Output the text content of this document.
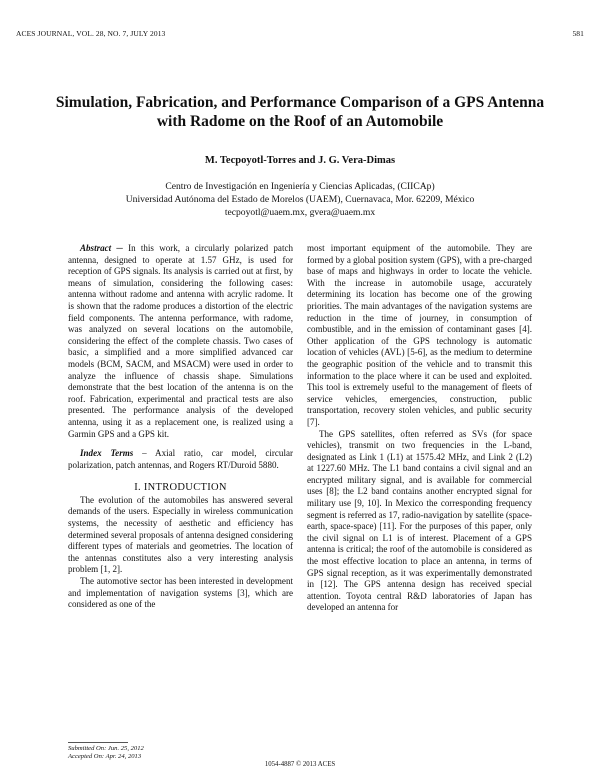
ACES JOURNAL, VOL. 28, NO. 7, JULY 2013	581
Simulation, Fabrication, and Performance Comparison of a GPS Antenna with Radome on the Roof of an Automobile
M. Tecpoyotl-Torres and J. G. Vera-Dimas
Centro de Investigación en Ingeniería y Ciencias Aplicadas, (CIICAp)
Universidad Autónoma del Estado de Morelos (UAEM), Cuernavaca, Mor. 62209, México
tecpoyotl@uaem.mx, gvera@uaem.mx

Abstract ─ In this work, a circularly polarized patch antenna, designed to operate at 1.57 GHz, is used for reception of GPS signals. Its analysis is carried out at first, by means of simulation, considering the following cases: antenna without radome and antenna with acrylic radome. It is shown that the radome produces a distortion of the electric field components. The antenna performance, with radome, was analyzed on several locations on the automobile, considering the effect of the complete chassis. Two cases of basic, a simplified and a more simplified advanced car models (BCM, SACM, and MSACM) were used in order to analyze the influence of chassis shape. Simulations demonstrate that the best location of the antenna is on the roof. Fabrication, experimental and practical tests are also presented. The performance analysis of the developed antenna, using it as a replacement one, is realized using a Garmin GPS and a GPS kit.

Index Terms – Axial ratio, car model, circular polarization, patch antennas, and Rogers RT/Duroid 5880.

I. INTRODUCTION

The evolution of the automobiles has answered several demands of the users. Especially in wireless communication systems, the necessity of aesthetic and efficiency has determined several proposals of antenna designed considering different types of materials and geometries. The location of the antennas constitutes also a very interesting analysis problem [1, 2].

The automotive sector has been interested in development and implementation of navigation systems [3], which are considered as one of the

most important equipment of the automobile. They are formed by a global position system (GPS), with a pre-charged base of maps and highways in order to locate the vehicle. With the increase in automobile usage, accurately determining its location has become one of the growing priorities. The main advantages of the navigation systems are reduction in the time of journey, in consumption of combustible, and in the emission of contaminant gases [4]. Other application of the GPS technology is automatic location of vehicles (AVL) [5-6], as the medium to determine the geographic position of the vehicle and to transmit this information to the place where it can be used and exploited. This tool is extremely useful to the management of fleets of service vehicles, emergencies, construction, public transportation, recovery stolen vehicles, and public security [7].

The GPS satellites, often referred as SVs (for space vehicles), transmit on two frequencies in the L-band, designated as Link 1 (L1) at 1575.42 MHz, and Link 2 (L2) at 1227.60 MHz. The L1 band contains a civil signal and an encrypted military signal, and is available for commercial uses [8]; the L2 band contains another encrypted signal for military use [9, 10]. In Mexico the corresponding frequency segment is referred as 17, radio-navigation by satellite (space-earth, space-space) [11]. For the purposes of this paper, only the civil signal on L1 is of interest. Placement of a GPS antenna is critical; the roof of the automobile is considered as the most effective location to place an antenna, in terms of GPS signal reception, as it was experimentally demonstrated in [12]. The GPS antenna design has received special attention. Toyota central R&D laboratories of Japan has developed an antenna for

Submitted On: Jun. 25, 2012
Accepted On: Apr. 24, 2013
1054-4887 © 2013 ACES
